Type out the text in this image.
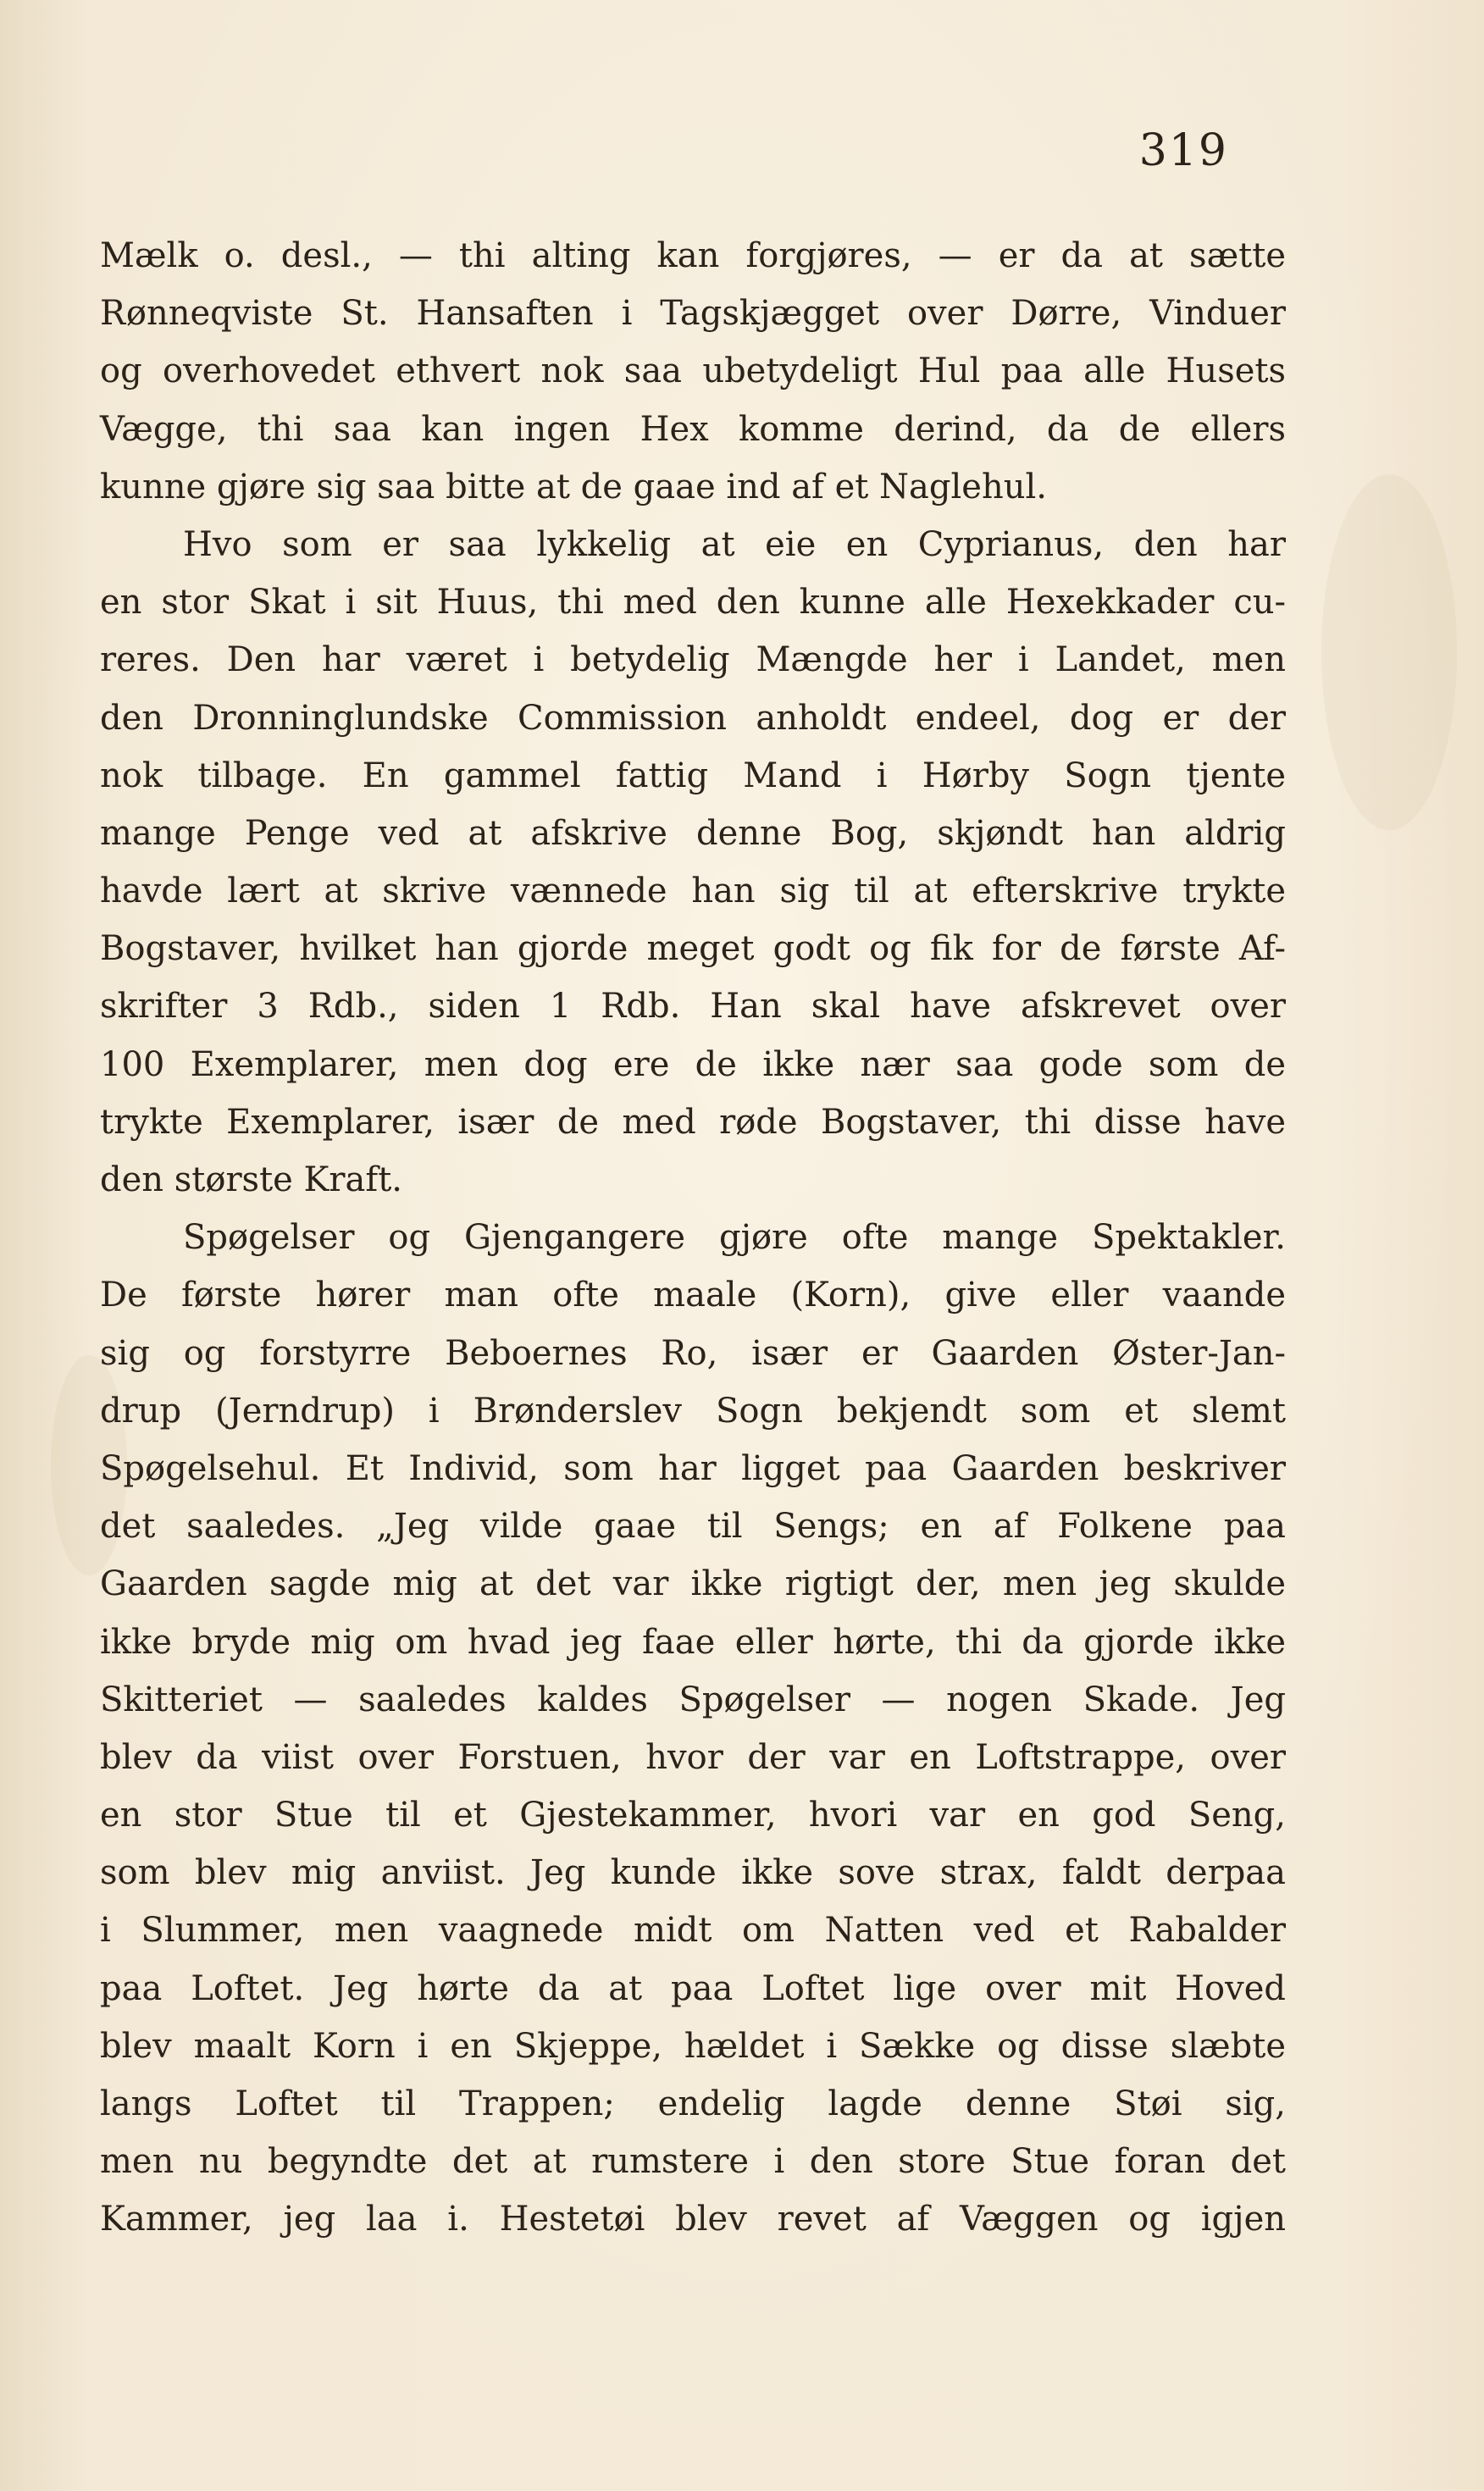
319
Mælk o. desl., — thi alting kan forgjøres, — er da at sætte
Rønneqviste St. Hansaften i Tagskjægget over Dørre, Vinduer
og overhovedet ethvert nok saa ubetydeligt Hul paa alle Husets
Vægge, thi saa kan ingen Hex komme derind, da de ellers
kunne gjøre sig saa bitte at de gaae ind af et Naglehul.
Hvo som er saa lykkelig at eie en Cyprianus, den har
en stor Skat i sit Huus, thi med den kunne alle Hexekkader cu-
reres. Den har været i betydelig Mængde her i Landet, men
den Dronninglundske Commission anholdt endeel, dog er der
nok tilbage. En gammel fattig Mand i Hørby Sogn tjente
mange Penge ved at afskrive denne Bog, skjøndt han aldrig
havde lært at skrive vænnede han sig til at efterskrive trykte
Bogstaver, hvilket han gjorde meget godt og fik for de første Af-
skrifter 3 Rdb., siden 1 Rdb. Han skal have afskrevet over
100 Exemplarer, men dog ere de ikke nær saa gode som de
trykte Exemplarer, især de med røde Bogstaver, thi disse have
den største Kraft.
Spøgelser og Gjengangere gjøre ofte mange Spektakler.
De første hører man ofte maale (Korn), give eller vaande
sig og forstyrre Beboernes Ro, især er Gaarden Øster-Jan-
drup (Jerndrup) i Brønderslev Sogn bekjendt som et slemt
Spøgelsehul. Et Individ, som har ligget paa Gaarden beskriver
det saaledes. „Jeg vilde gaae til Sengs; en af Folkene paa
Gaarden sagde mig at det var ikke rigtigt der, men jeg skulde
ikke bryde mig om hvad jeg faae eller hørte, thi da gjorde ikke
Skitteriet — saaledes kaldes Spøgelser — nogen Skade. Jeg
blev da viist over Forstuen, hvor der var en Loftstrappe, over
en stor Stue til et Gjestekammer, hvori var en god Seng,
som blev mig anviist. Jeg kunde ikke sove strax, faldt derpaa
i Slummer, men vaagnede midt om Natten ved et Rabalder
paa Loftet. Jeg hørte da at paa Loftet lige over mit Hoved
blev maalt Korn i en Skjeppe, hældet i Sække og disse slæbte
langs Loftet til Trappen; endelig lagde denne Støi sig,
men nu begyndte det at rumstere i den store Stue foran det
Kammer, jeg laa i. Hestetøi blev revet af Væggen og igjen
